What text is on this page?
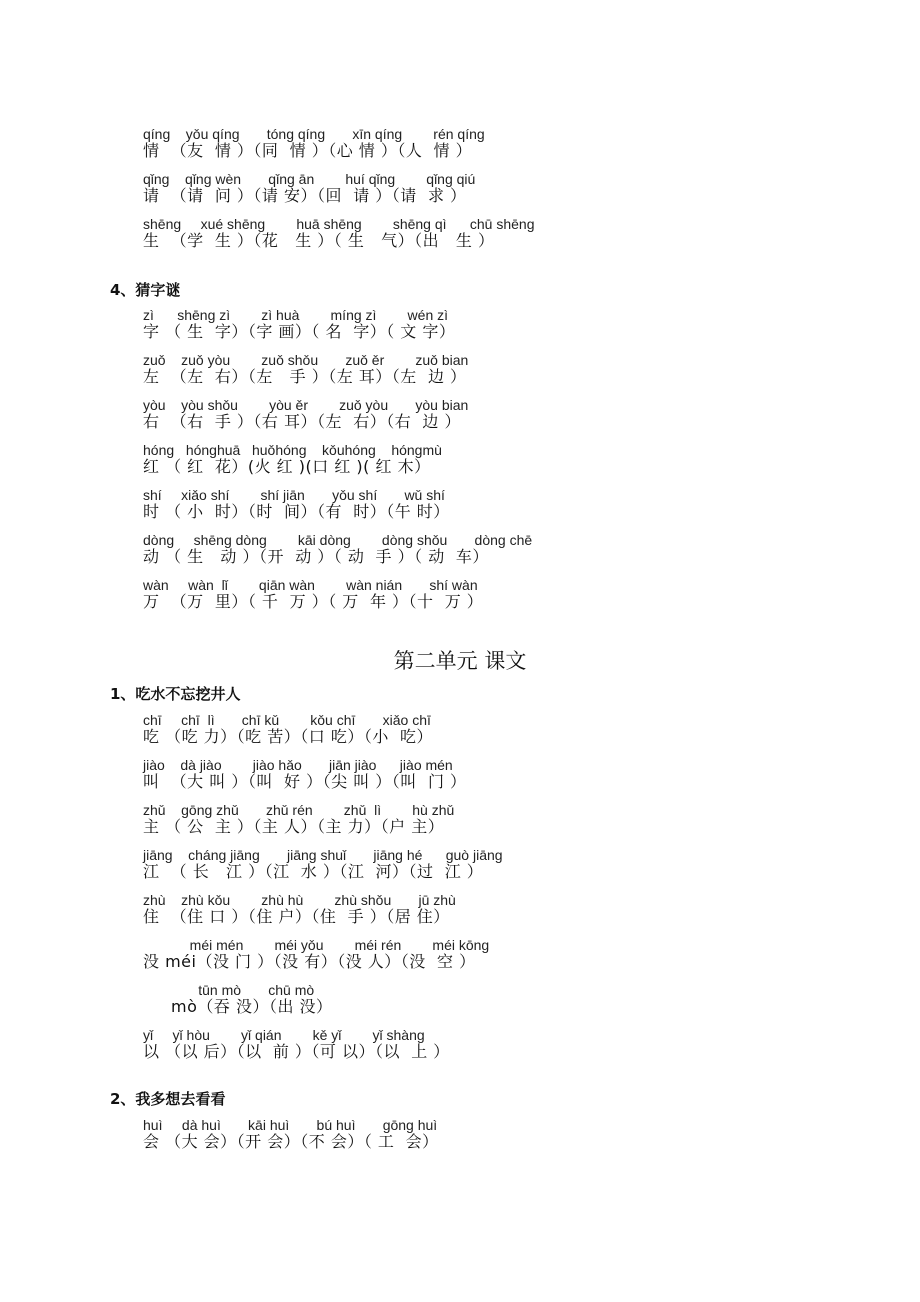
qíng    yǒu qíng       tóng qíng       xīn qíng        rén qíng
情  （友  情 ）（同  情 ）（心 情 ）（人  情 ）
qǐng    qǐng wèn       qǐng ān        huí qǐng        qǐng qiú
请  （请  问 ）（请 安）（回  请 ）（请  求 ）
shēng     xué shēng        huā shēng        shēng qì      chū shēng
生  （学  生 ）（花   生 ）（ 生   气）（出   生 ）
4、猜字谜
zì      shēng zì        zì huà        míng zì        wén zì
字 （ 生  字）（字 画）（ 名  字）（ 文 字）
zuǒ    zuǒ yòu        zuǒ shǒu       zuǒ ěr        zuǒ bian
左  （左  右）（左   手 ）（左 耳）（左  边 ）
yòu    yòu shǒu        yòu ěr        zuǒ yòu       yòu bian
右  （右  手 ）（右 耳）（左  右）（右  边 ）
hóng   hónghuā   huǒhóng    kǒuhóng    hóngmù
红 （ 红  花）(火 红 )(口 红 )( 红 木）
shí     xiǎo shí        shí jiān       yǒu shí       wǔ shí
时 （ 小  时）（时  间）（有  时）（午 时）
dòng     shēng dòng        kāi dòng        dòng shǒu       dòng chē
动 （ 生   动 ）（开  动 ）（ 动  手 ）（ 动  车）
wàn     wàn  lǐ        qiān wàn        wàn nián       shí wàn
万  （万  里）（ 千  万 ）（ 万  年 ）（十  万 ）
第二单元 课文
1、吃水不忘挖井人
chī     chī  lì       chī kǔ        kǒu chī       xiǎo chī
吃 （吃 力）（吃 苦）（口 吃）（小  吃）
jiào    dà jiào        jiào hǎo       jiān jiào      jiào mén
叫  （大 叫 ）（叫  好 ）（尖 叫 ）（叫  门 ）
zhǔ    gōng zhǔ       zhǔ rén        zhǔ  lì        hù zhǔ
主 （ 公  主 ）（主 人）（主 力）（户 主）
jiāng    cháng jiāng       jiāng shuǐ       jiāng hé      guò jiāng
江  （ 长   江 ）（江  水 ）（江  河）（过  江 ）
zhù    zhù kǒu        zhù hù        zhù shǒu       jū zhù
住  （住 口 ）（住 户）（住  手 ）（居 住）
méi mén        méi yǒu        méi rén        méi kōng
没 méi（没 门 ）（没 有）（没 人）（没  空 ）
tūn mò       chū mò
mò（吞 没）（出 没）
yǐ     yǐ hòu        yǐ qián        kě yǐ        yǐ shàng
以 （以 后）（以  前 ）（可 以）（以  上 ）
2、我多想去看看
huì     dà huì       kāi huì       bú huì       gōng huì
会 （大 会）（开 会）（不 会）（ 工  会）
